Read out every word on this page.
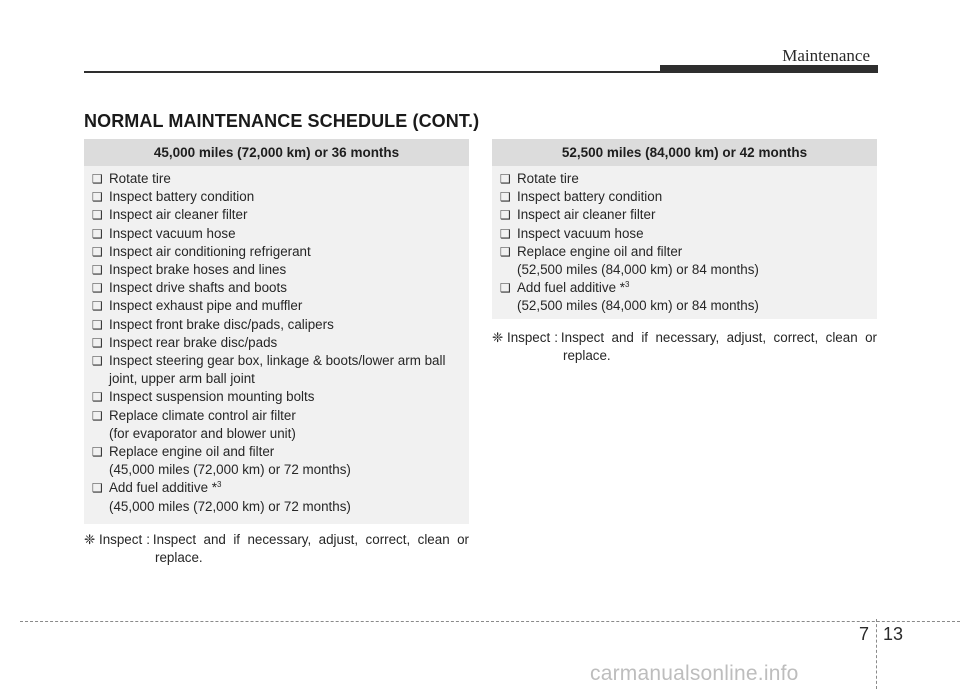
Maintenance
NORMAL MAINTENANCE SCHEDULE (CONT.)
45,000 miles (72,000 km) or 36 months
❑ Rotate tire
❑ Inspect battery condition
❑ Inspect air cleaner filter
❑ Inspect vacuum hose
❑ Inspect air conditioning refrigerant
❑ Inspect brake hoses and lines
❑ Inspect drive shafts and boots
❑ Inspect exhaust pipe and muffler
❑ Inspect front brake disc/pads, calipers
❑ Inspect rear brake disc/pads
❑ Inspect steering gear box, linkage & boots/lower arm ball
joint, upper arm ball joint
❑ Inspect suspension mounting bolts
❑ Replace climate control air filter
(for evaporator and blower unit)
❑ Replace engine oil and filter
(45,000 miles (72,000 km) or 72 months)
❑ Add fuel additive *$^3$
(45,000 miles (72,000 km) or 72 months)
❈ Inspect : Inspect and if necessary, adjust, correct, clean or
replace.
52,500 miles (84,000 km) or 42 months
❑ Rotate tire
❑ Inspect battery condition
❑ Inspect air cleaner filter
❑ Inspect vacuum hose
❑ Replace engine oil and filter
(52,500 miles (84,000 km) or 84 months)
❑ Add fuel additive *$^3$
(52,500 miles (84,000 km) or 84 months)
❈ Inspect : Inspect and if necessary, adjust, correct, clean or
replace.
7 13
carmanualsonline.info
